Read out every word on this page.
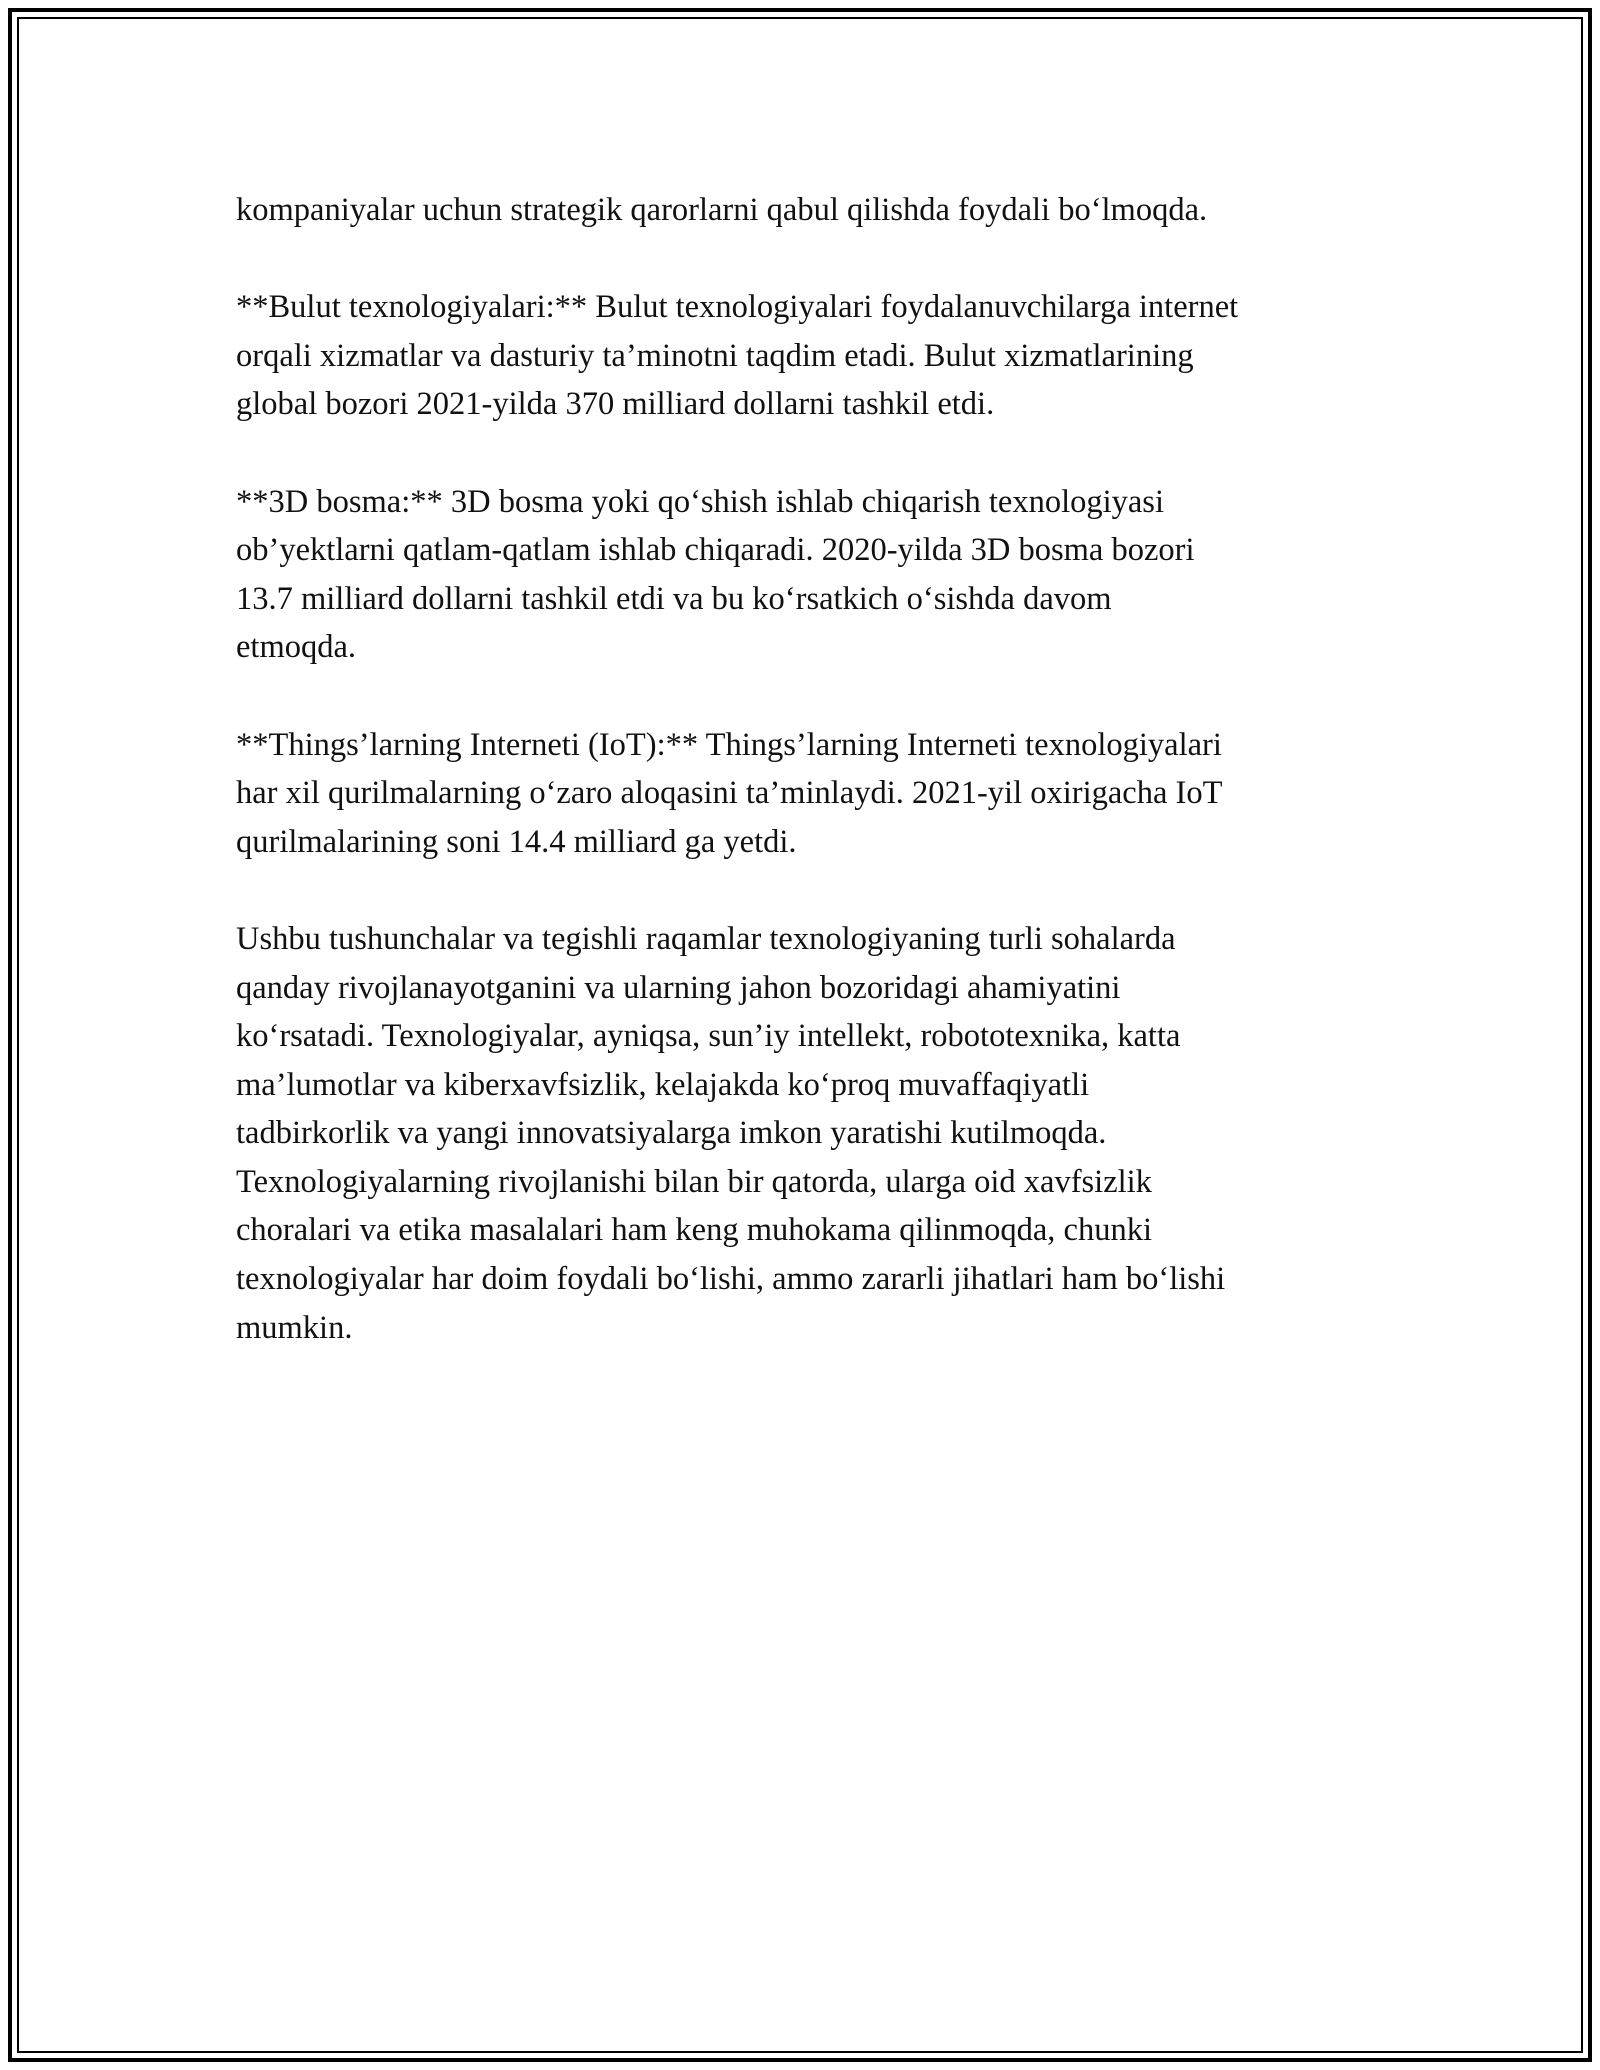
kompaniyalar uchun strategik qarorlarni qabul qilishda foydali bo‘lmoqda.

**Bulut texnologiyalari:** Bulut texnologiyalari foydalanuvchilarga internet
orqali xizmatlar va dasturiy ta’minotni taqdim etadi. Bulut xizmatlarining
global bozori 2021-yilda 370 milliard dollarni tashkil etdi.

**3D bosma:** 3D bosma yoki qo‘shish ishlab chiqarish texnologiyasi
ob’yektlarni qatlam-qatlam ishlab chiqaradi. 2020-yilda 3D bosma bozori
13.7 milliard dollarni tashkil etdi va bu ko‘rsatkich o‘sishda davom
etmoqda.

**Things’larning Interneti (IoT):** Things’larning Interneti texnologiyalari
har xil qurilmalarning o‘zaro aloqasini ta’minlaydi. 2021-yil oxirigacha IoT
qurilmalarining soni 14.4 milliard ga yetdi.

Ushbu tushunchalar va tegishli raqamlar texnologiyaning turli sohalarda
qanday rivojlanayotganini va ularning jahon bozoridagi ahamiyatini
ko‘rsatadi. Texnologiyalar, ayniqsa, sun’iy intellekt, robototexnika, katta
ma’lumotlar va kiberxavfsizlik, kelajakda ko‘proq muvaffaqiyatli
tadbirkorlik va yangi innovatsiyalarga imkon yaratishi kutilmoqda.
Texnologiyalarning rivojlanishi bilan bir qatorda, ularga oid xavfsizlik
choralari va etika masalalari ham keng muhokama qilinmoqda, chunki
texnologiyalar har doim foydali bo‘lishi, ammo zararli jihatlari ham bo‘lishi
mumkin.
